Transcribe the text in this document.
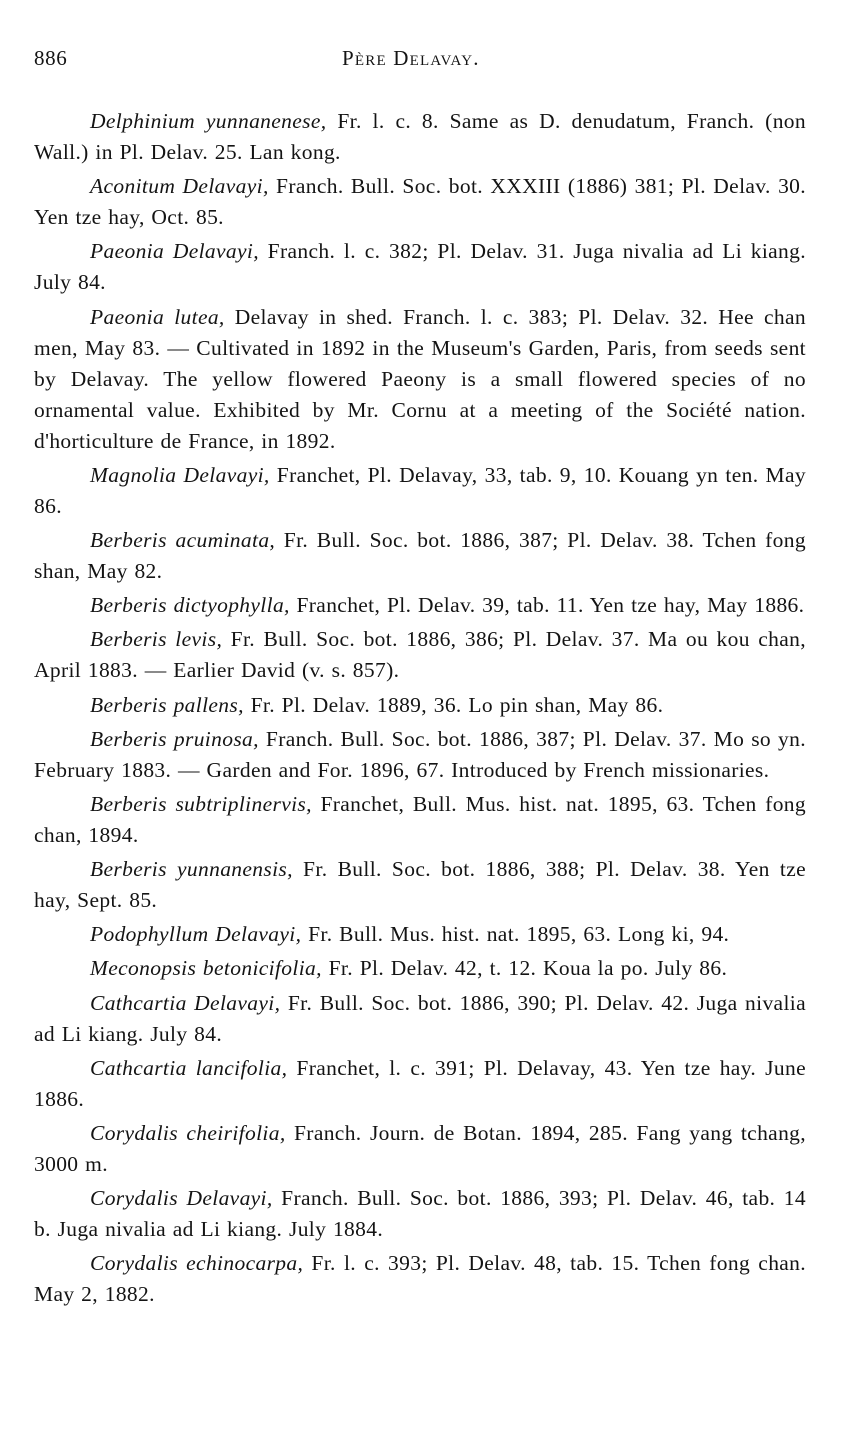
886	Père Delavay.

Delphinium yunnanenese, Fr. l. c. 8. Same as D. denudatum, Franch. (non Wall.) in Pl. Delav. 25. Lan kong.

Aconitum Delavayi, Franch. Bull. Soc. bot. XXXIII (1886) 381; Pl. Delav. 30. Yen tze hay, Oct. 85.

Paeonia Delavayi, Franch. l. c. 382; Pl. Delav. 31. Juga nivalia ad Li kiang. July 84.

Paeonia lutea, Delavay in shed. Franch. l. c. 383; Pl. Delav. 32. Hee chan men, May 83. — Cultivated in 1892 in the Museum's Garden, Paris, from seeds sent by Delavay. The yellow flowered Paeony is a small flowered species of no ornamental value. Exhibited by Mr. Cornu at a meeting of the Société nation. d'horticulture de France, in 1892.

Magnolia Delavayi, Franchet, Pl. Delavay, 33, tab. 9, 10. Kouang yn ten. May 86.

Berberis acuminata, Fr. Bull. Soc. bot. 1886, 387; Pl. Delav. 38. Tchen fong shan, May 82.

Berberis dictyophylla, Franchet, Pl. Delav. 39, tab. 11. Yen tze hay, May 1886.

Berberis levis, Fr. Bull. Soc. bot. 1886, 386; Pl. Delav. 37. Ma ou kou chan, April 1883. — Earlier David (v. s. 857).

Berberis pallens, Fr. Pl. Delav. 1889, 36. Lo pin shan, May 86.

Berberis pruinosa, Franch. Bull. Soc. bot. 1886, 387; Pl. Delav. 37. Mo so yn. February 1883. — Garden and For. 1896, 67. Introduced by French missionaries.

Berberis subtriplinervis, Franchet, Bull. Mus. hist. nat. 1895, 63. Tchen fong chan, 1894.

Berberis yunnanensis, Fr. Bull. Soc. bot. 1886, 388; Pl. Delav. 38. Yen tze hay, Sept. 85.

Podophyllum Delavayi, Fr. Bull. Mus. hist. nat. 1895, 63. Long ki, 94.

Meconopsis betonicifolia, Fr. Pl. Delav. 42, t. 12. Koua la po. July 86.

Cathcartia Delavayi, Fr. Bull. Soc. bot. 1886, 390; Pl. Delav. 42. Juga nivalia ad Li kiang. July 84.

Cathcartia lancifolia, Franchet, l. c. 391; Pl. Delavay, 43. Yen tze hay. June 1886.

Corydalis cheirifolia, Franch. Journ. de Botan. 1894, 285. Fang yang tchang, 3000 m.

Corydalis Delavayi, Franch. Bull. Soc. bot. 1886, 393; Pl. Delav. 46, tab. 14 b. Juga nivalia ad Li kiang. July 1884.

Corydalis echinocarpa, Fr. l. c. 393; Pl. Delav. 48, tab. 15. Tchen fong chan. May 2, 1882.
